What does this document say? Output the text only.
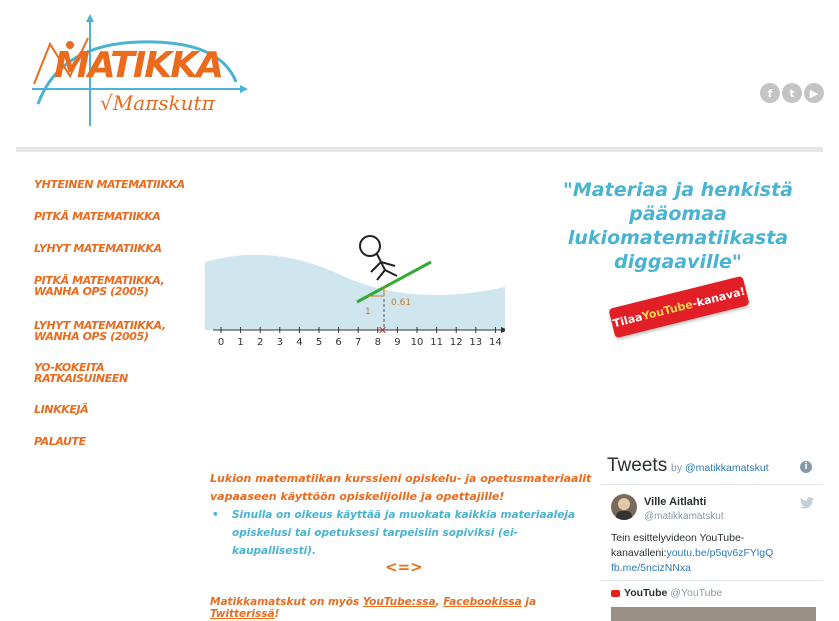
MATIKKA
√Maπskutπ	f	t	▶
YHTEINEN MATEMATIIKKA
PITKÄ MATEMATIIKKA
LYHYT MATEMATIIKKA
PITKÄ MATEMATIIKKA, WANHA OPS (2005)
LYHYT MATEMATIIKKA, WANHA OPS (2005)
YO-KOKEITA RATKAISUINEEN
LINKKEJÄ
PALAUTE
"Materiaa ja henkistä pääomaa lukiomatematiikasta diggaaville"
Tilaa
YouTube
-kanava!
0 1 2 3 4 5 6 7 8 9 10 11 12 13 14
1
0.61
✕
Lukion matematiikan kurssieni opiskelu- ja opetusmateriaalit vapaaseen käyttöön opiskelijoille ja opettajille!
• Sinulla on oikeus käyttää ja muokata kaikkia materiaaleja opiskelusi tai opetuksesi tarpeisiin sopiviksi (ei-kaupallisesti).
<=>
Matikkamatskut on myös YouTube:ssa, Facebookissa ja Twitterissä!
Tweets by @matikkamatskut	i
Ville Aitlahti
@matikkamatskut
Tein esittelyvideon YouTube-kanavalleni:youtu.be/p5qv6zFYlgQ
fb.me/5ncizNNxa
YouTube @YouTube
